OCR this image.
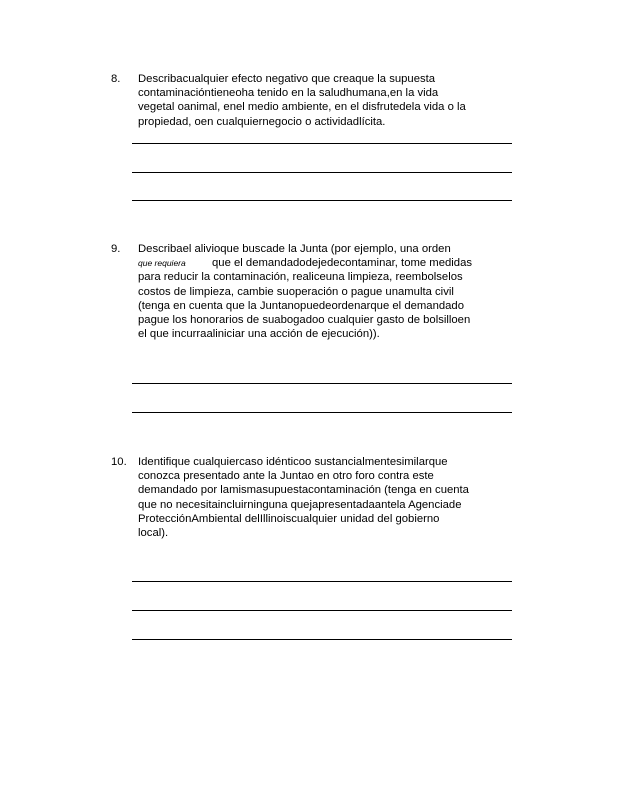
8. Describacualquier efecto negativo que creaque la supuesta
contaminacióntieneoha tenido en la saludhumana,en la vida
vegetal oanimal, enel medio ambiente, en el disfrutedela vida o la
propiedad, oen cualquiernegocio o actividadlícita.
9. Describael alivioque buscade la Junta (por ejemplo, una orden
que requiera que el demandadodejedecontaminar, tome medidas
para reducir la contaminación, realiceuna limpieza, reembolselos
costos de limpieza, cambie suoperación o pague unamulta civil
(tenga en cuenta que la Juntanopuedeordenarque el demandado
pague los honorarios de suabogadoo cualquier gasto de bolsilloen
el que incurraaliniciar una acción de ejecución)).
10. Identifique cualquiercaso idénticoo sustancialmentesimilarque
conozca presentado ante la Juntao en otro foro contra este
demandado por lamismasupuestacontaminación (tenga en cuenta
que no necesitaincluirninguna quejapresentadaantela Agenciade
ProtecciónAmbiental delIllinoiscualquier unidad del gobierno
local).
